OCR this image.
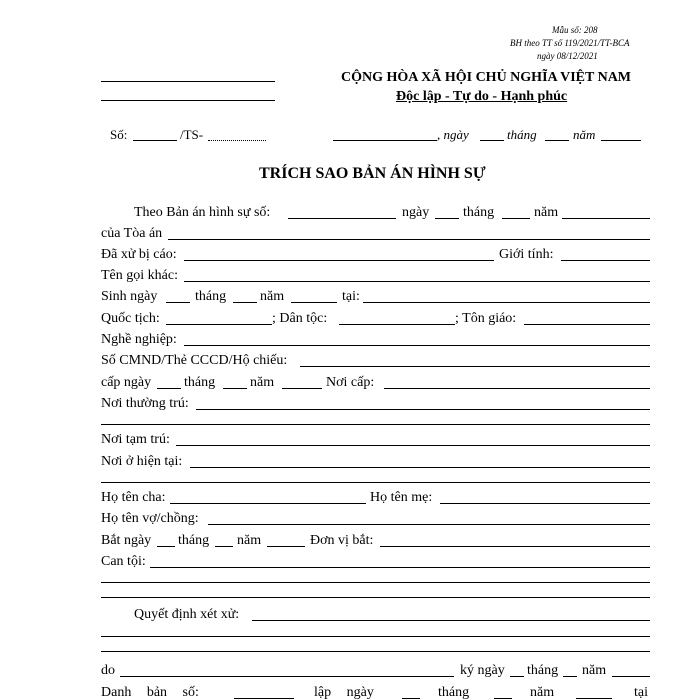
Mẫu số: 208
BH theo TT số 119/2021/TT-BCA
ngày 08/12/2021
CỘNG HÒA XÃ HỘI CHỦ NGHĨA VIỆT NAM
Độc lập - Tự do - Hạnh phúc
Số:	/TS-	, ngày	tháng	năm
TRÍCH SAO BẢN ÁN HÌNH SỰ
Theo Bản án hình sự số:	ngày tháng	năm
của Tòa án
Đã xử bị cáo:	Giới tính:
Tên gọi khác:
Sinh ngày	tháng năm	tại:
Quốc tịch:	; Dân tộc:	; Tôn giáo:
Nghề nghiệp:
Số CMND/Thẻ CCCD/Hộ chiếu:
cấp ngày tháng năm	Nơi cấp:
Nơi thường trú:
Nơi tạm trú:
Nơi ở hiện tại:
Họ tên cha:	Họ tên mẹ:
Họ tên vợ/chồng:
Bắt ngày tháng năm	Đơn vị bắt:
Can tội:
Quyết định xét xử:
do	ký ngày tháng năm
Danh bản số:	lập ngày	tháng	năm	tại
